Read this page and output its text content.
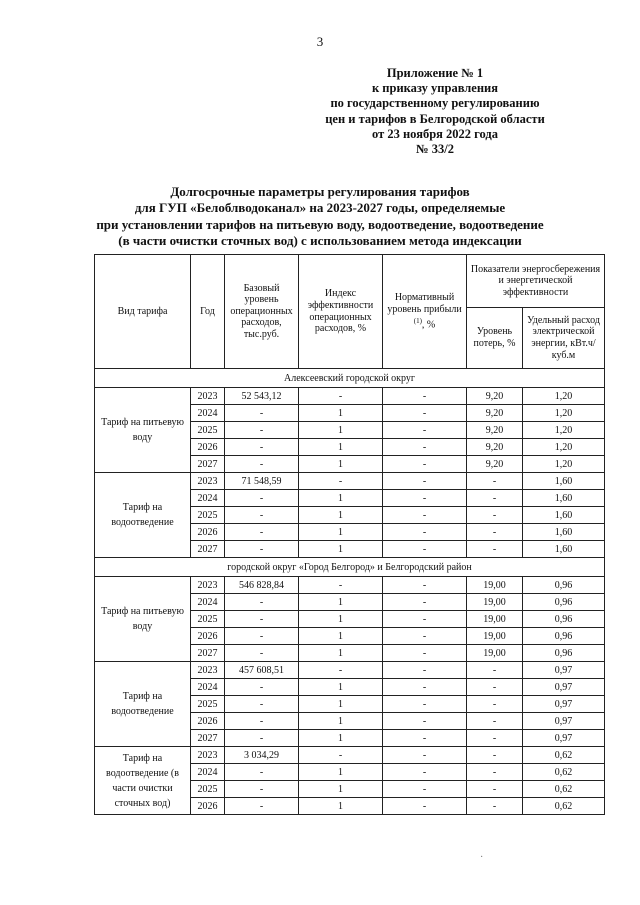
3
Приложение № 1
к приказу управления
по государственному регулированию
цен и тарифов в Белгородской области
от 23 ноября 2022 года
№ 33/2
Долгосрочные параметры регулирования тарифов
для ГУП «Белоблводоканал» на 2023-2027 годы, определяемые
при установлении тарифов на питьевую воду, водоотведение, водоотведение
(в части очистки сточных вод) с использованием метода индексации
Вид тарифа	Год	Базовый уровень операционных расходов, тыс.руб.	Индекс эффективности операционных расходов, %	Нормативный уровень прибыли $^{(1)}$, %	Показатели энергосбережения и энергетической эффективности	
					Уровень потерь, %	Удельный расход электрической энергии, кВт.ч/куб.м
Алексеевский городской округ						
Тариф на питьевую воду	2023	52 543,12	-	-	9,20	1,20
	2024	-	1	-	9,20	1,20
	2025	-	1	-	9,20	1,20
	2026	-	1	-	9,20	1,20
	2027	-	1	-	9,20	1,20
Тариф на водоотведение	2023	71 548,59	-	-	-	1,60
	2024	-	1	-	-	1,60
	2025	-	1	-	-	1,60
	2026	-	1	-	-	1,60
	2027	-	1	-	-	1,60
городской округ «Город Белгород» и Белгородский район						
Тариф на питьевую воду	2023	546 828,84	-	-	19,00	0,96
	2024	-	1	-	19,00	0,96
	2025	-	1	-	19,00	0,96
	2026	-	1	-	19,00	0,96
	2027	-	1	-	19,00	0,96
Тариф на водоотведение	2023	457 608,51	-	-	-	0,97
	2024	-	1	-	-	0,97
	2025	-	1	-	-	0,97
	2026	-	1	-	-	0,97
	2027	-	1	-	-	0,97
Тариф на водоотведение (в части очистки сточных вод)	2023	3 034,29	-	-	-	0,62
	2024	-	1	-	-	0,62
	2025	-	1	-	-	0,62
	2026	-	1	-	-	0,62
·
